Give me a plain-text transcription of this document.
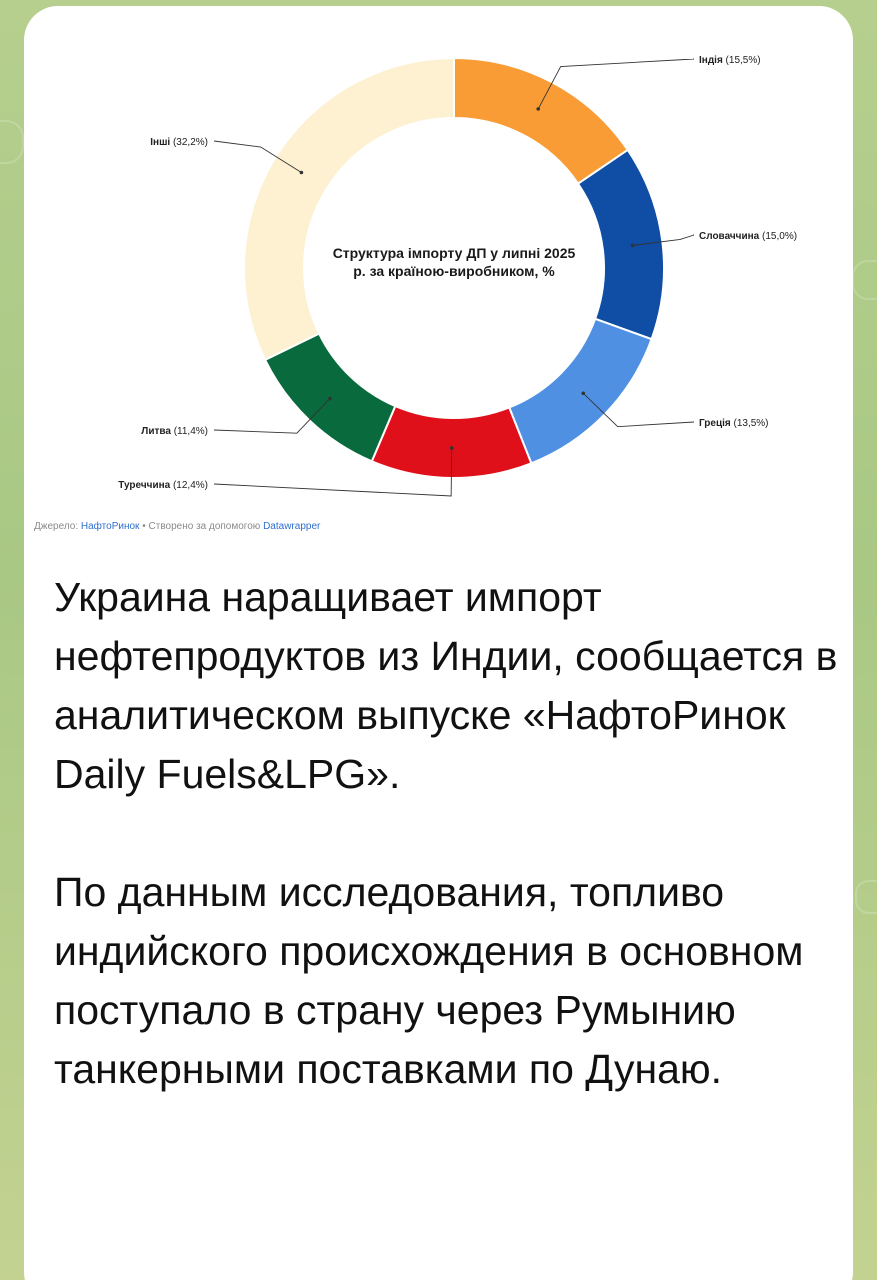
Індія (15,5%)
Словаччина (15,0%)
Греція (13,5%)
Туреччина (12,4%)
Литва (11,4%)
Інші (32,2%)
Структура імпорту ДП у липні 2025
р. за країною-виробником, %
Джерело: НафтоРинок • Створено за допомогою Datawrapper

Украина наращивает импорт нефтепродуктов из Индии, сообщается в аналитическом выпуске «НафтоРинок Daily Fuels&LPG».

По данным исследования, топливо индийского происхождения в основном поступало в страну через Румынию танкерными поставками по Дунаю.
